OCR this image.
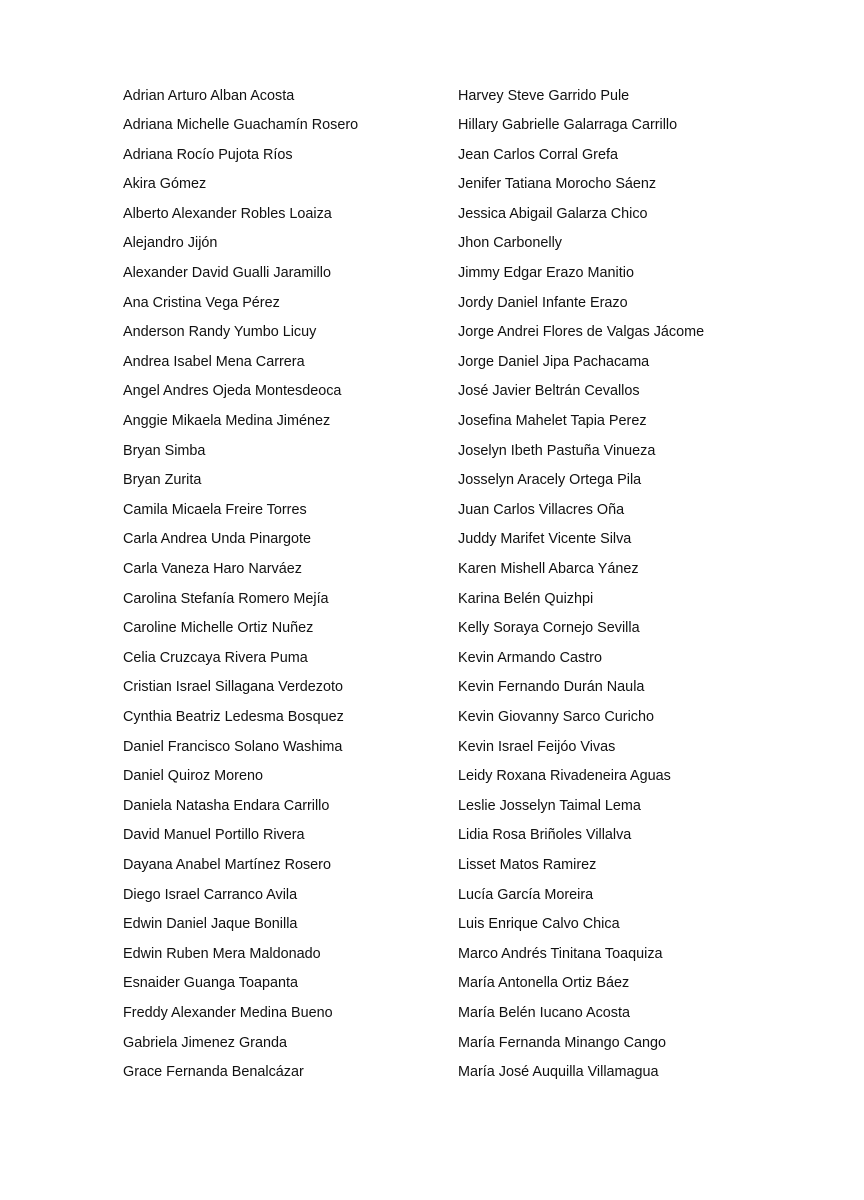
Adrian Arturo Alban Acosta
Adriana Michelle Guachamín Rosero
Adriana Rocío Pujota Ríos
Akira Gómez
Alberto Alexander Robles Loaiza
Alejandro Jijón
Alexander David Gualli Jaramillo
Ana Cristina Vega Pérez
Anderson Randy Yumbo Licuy
Andrea Isabel Mena Carrera
Angel Andres Ojeda Montesdeoca
Anggie Mikaela Medina Jiménez
Bryan Simba
Bryan Zurita
Camila Micaela Freire Torres
Carla Andrea Unda Pinargote
Carla Vaneza Haro Narváez
Carolina Stefanía Romero Mejía
Caroline Michelle Ortiz Nuñez
Celia Cruzcaya Rivera Puma
Cristian Israel Sillagana Verdezoto
Cynthia Beatriz Ledesma Bosquez
Daniel Francisco Solano Washima
Daniel Quiroz Moreno
Daniela Natasha Endara Carrillo
David Manuel Portillo Rivera
Dayana Anabel Martínez Rosero
Diego Israel Carranco Avila
Edwin Daniel Jaque Bonilla
Edwin Ruben Mera Maldonado
Esnaider Guanga Toapanta
Freddy Alexander Medina Bueno
Gabriela Jimenez Granda
Grace Fernanda Benalcázar
Harvey Steve Garrido Pule
Hillary Gabrielle Galarraga Carrillo
Jean Carlos Corral Grefa
Jenifer Tatiana Morocho Sáenz
Jessica Abigail Galarza Chico
Jhon Carbonelly
Jimmy Edgar Erazo Manitio
Jordy Daniel Infante Erazo
Jorge Andrei Flores de Valgas Jácome
Jorge Daniel Jipa Pachacama
José Javier Beltrán Cevallos
Josefina Mahelet Tapia Perez
Joselyn Ibeth Pastuña Vinueza
Josselyn Aracely Ortega Pila
Juan Carlos Villacres Oña
Juddy Marifet Vicente Silva
Karen Mishell Abarca Yánez
Karina Belén Quizhpi
Kelly Soraya Cornejo Sevilla
Kevin Armando Castro
Kevin Fernando Durán Naula
Kevin Giovanny Sarco Curicho
Kevin Israel Feijóo Vivas
Leidy Roxana Rivadeneira Aguas
Leslie Josselyn Taimal Lema
Lidia Rosa Briñoles Villalva
Lisset Matos Ramirez
Lucía García Moreira
Luis Enrique Calvo Chica
Marco Andrés Tinitana Toaquiza
María Antonella Ortiz Báez
María Belén Iucano Acosta
María Fernanda Minango Cango
María José Auquilla Villamagua
